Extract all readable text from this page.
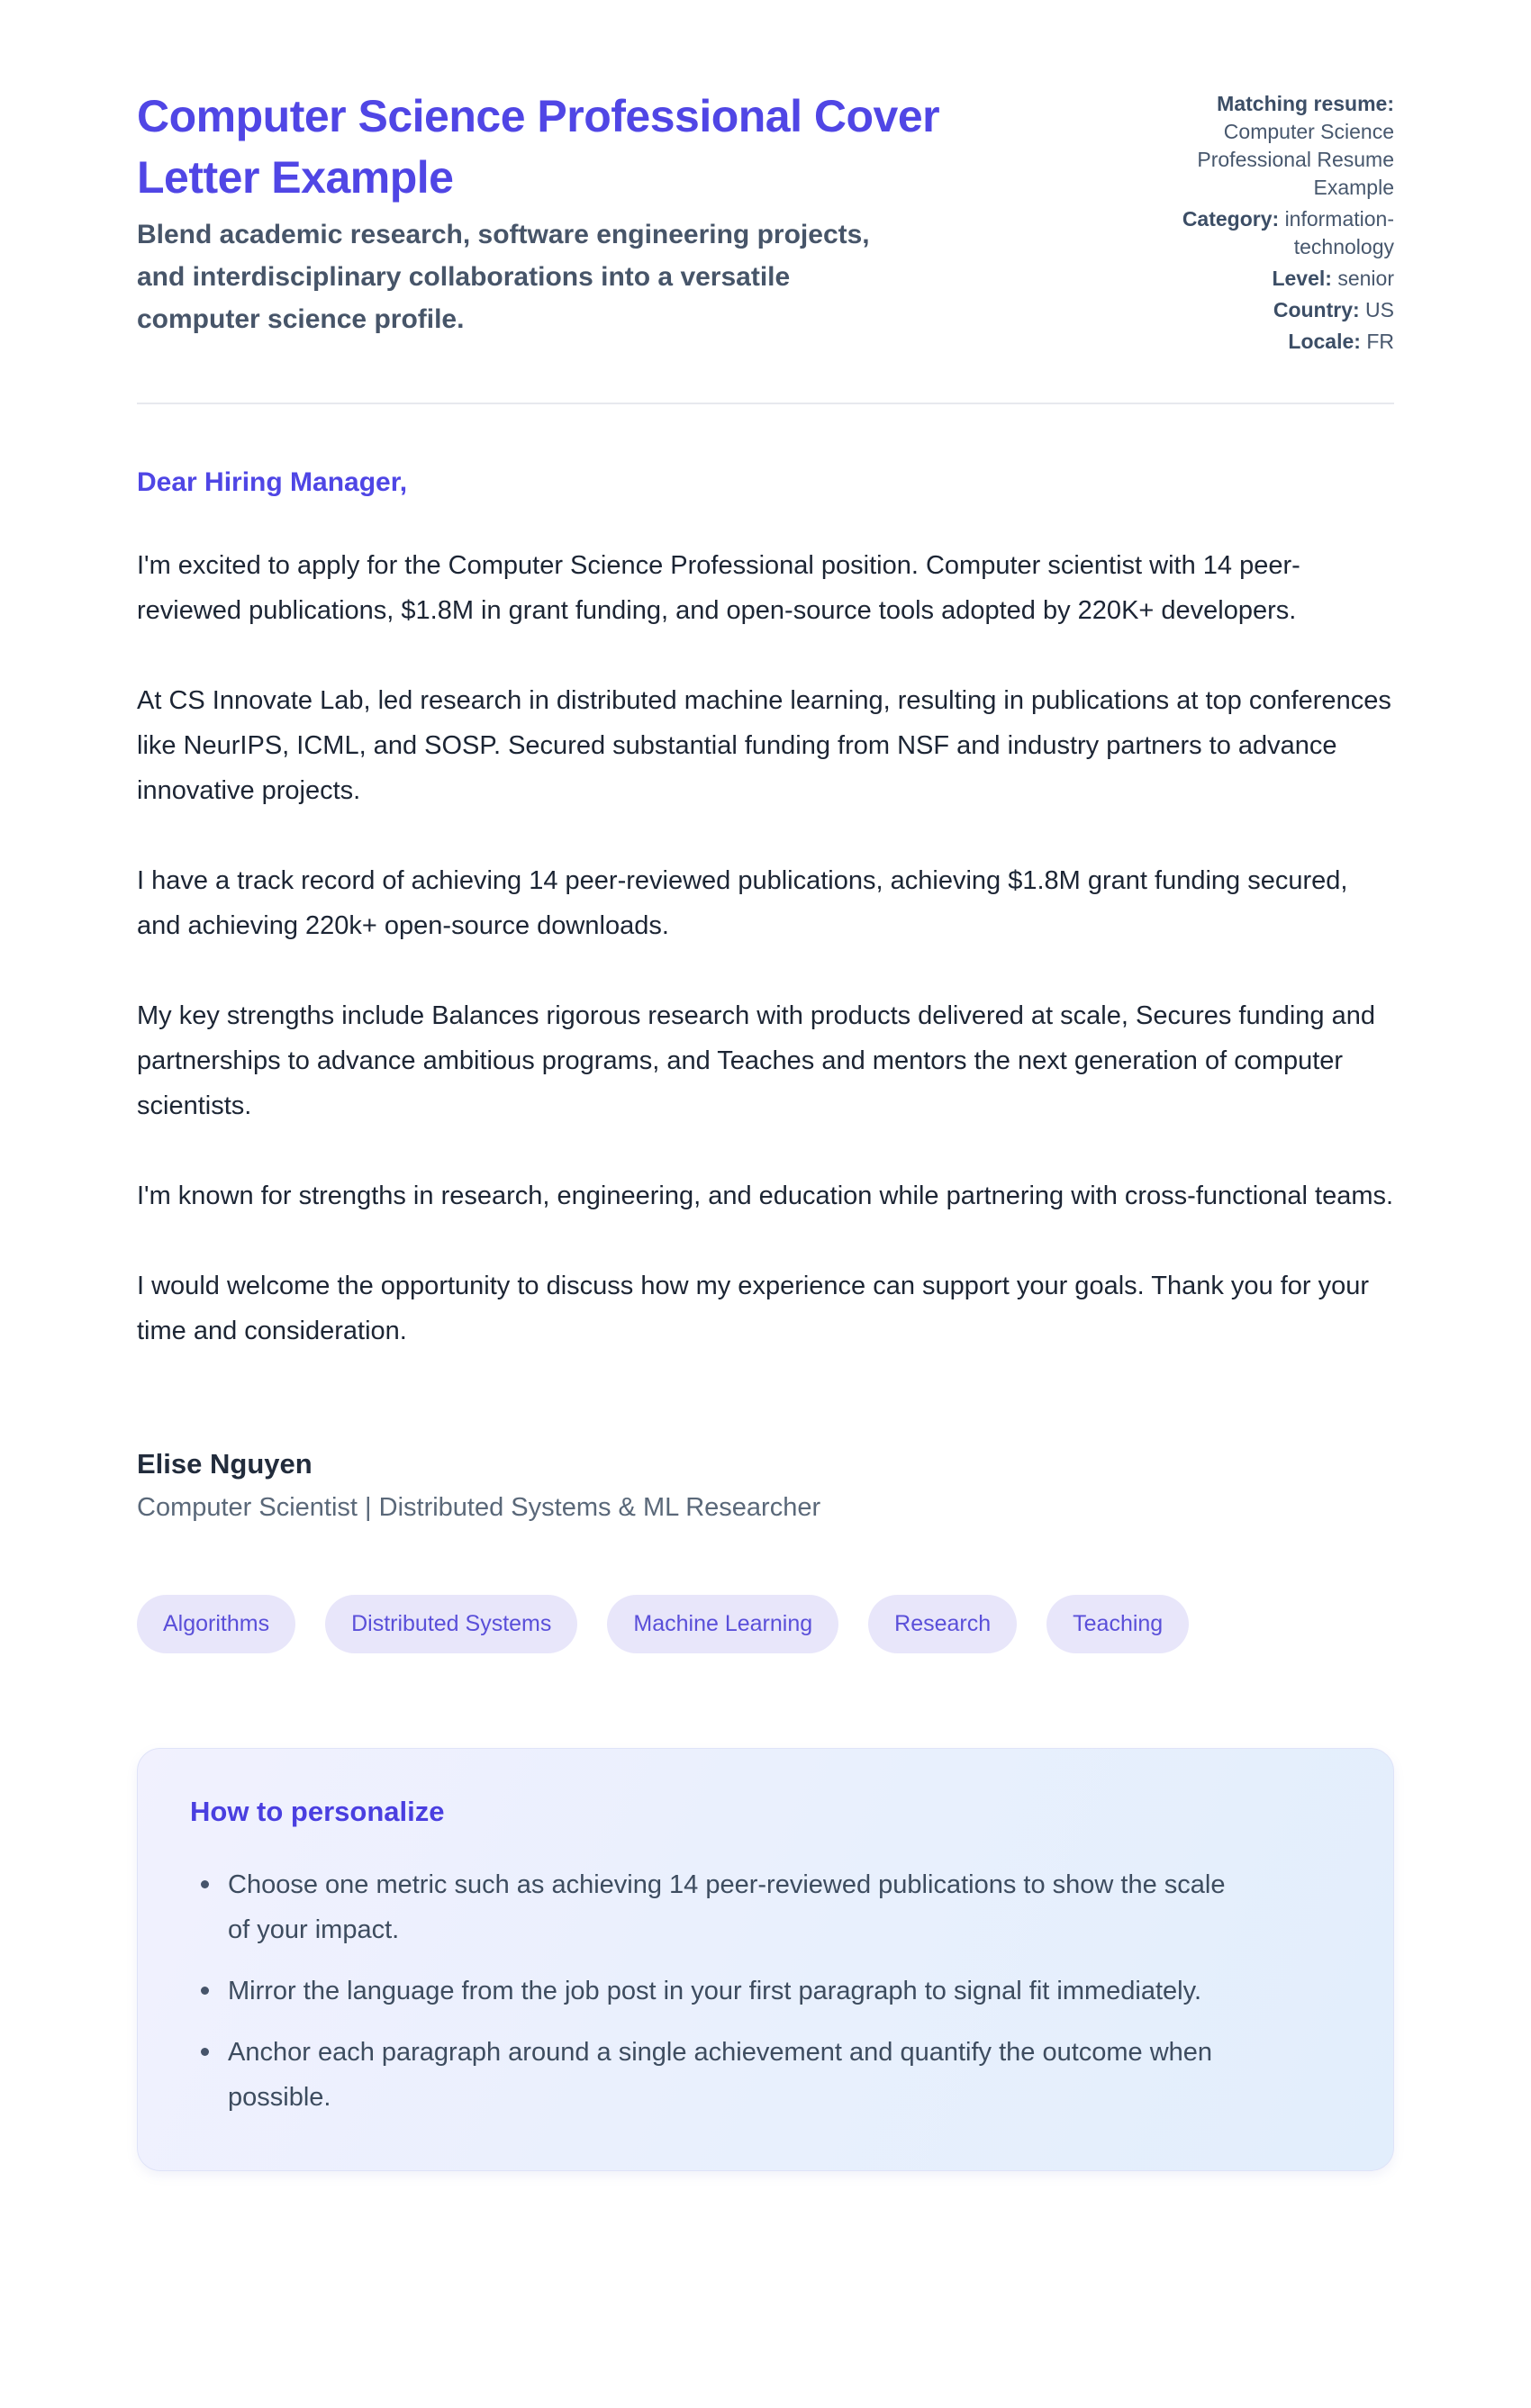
Computer Science Professional Cover Letter Example

Blend academic research, software engineering projects, and interdisciplinary collaborations into a versatile computer science profile.

Matching resume: Computer Science Professional Resume Example
Category: information-technology
Level: senior
Country: US
Locale: FR

Dear Hiring Manager,

I'm excited to apply for the Computer Science Professional position. Computer scientist with 14 peer-reviewed publications, $1.8M in grant funding, and open-source tools adopted by 220K+ developers.

At CS Innovate Lab, led research in distributed machine learning, resulting in publications at top conferences like NeurIPS, ICML, and SOSP. Secured substantial funding from NSF and industry partners to advance innovative projects.

I have a track record of achieving 14 peer-reviewed publications, achieving $1.8M grant funding secured, and achieving 220k+ open-source downloads.

My key strengths include Balances rigorous research with products delivered at scale, Secures funding and partnerships to advance ambitious programs, and Teaches and mentors the next generation of computer scientists.

I'm known for strengths in research, engineering, and education while partnering with cross-functional teams.

I would welcome the opportunity to discuss how my experience can support your goals. Thank you for your time and consideration.

Elise Nguyen

Computer Scientist | Distributed Systems & ML Researcher

Algorithms	Distributed Systems	Machine Learning	Research	Teaching
How to personalize
Choose one metric such as achieving 14 peer-reviewed publications to show the scale of your impact.
Mirror the language from the job post in your first paragraph to signal fit immediately.
Anchor each paragraph around a single achievement and quantify the outcome when possible.
